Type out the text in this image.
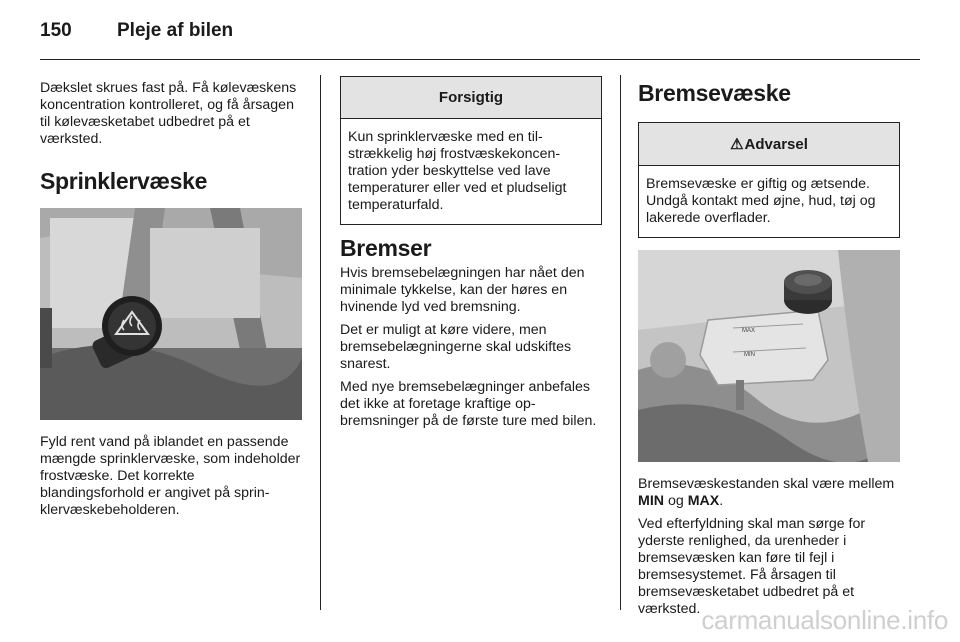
150 Pleje af bilen

Dækslet skrues fast på. Få kølevæskens koncentration kontrolleret, og få årsagen til kølevæsketabet udbedret på et værksted.

Sprinklervæske

Fyld rent vand på iblandet en passende mængde sprinklervæske, som indeholder frostvæske. Det korrekte blandingsforhold er angivet på sprinklervæskebeholderen.

Forsigtig
Kun sprinklervæske med en tilstrækkelig høj frostvæskekoncentration yder beskyttelse ved lave temperaturer eller ved et pludseligt temperaturfald.
Bremser

Hvis bremsebelægningen har nået den minimale tykkelse, kan der høres en hvinende lyd ved bremsning.

Det er muligt at køre videre, men bremsebelægningerne skal udskiftes snarest.

Med nye bremsebelægninger anbefales det ikke at foretage kraftige opbremsninger på de første ture med bilen.

Bremsevæske
⚠Advarsel
Bremsevæske er giftig og ætsende. Undgå kontakt med øjne, hud, tøj og lakerede overflader.
MAX
MIN

Bremsevæskestanden skal være mellem MIN og MAX.

Ved efterfyldning skal man sørge for yderste renlighed, da urenheder i bremsevæsken kan føre til fejl i bremsesystemet. Få årsagen til bremsevæsketabet udbedret på et værksted. carmanualsonline.info
